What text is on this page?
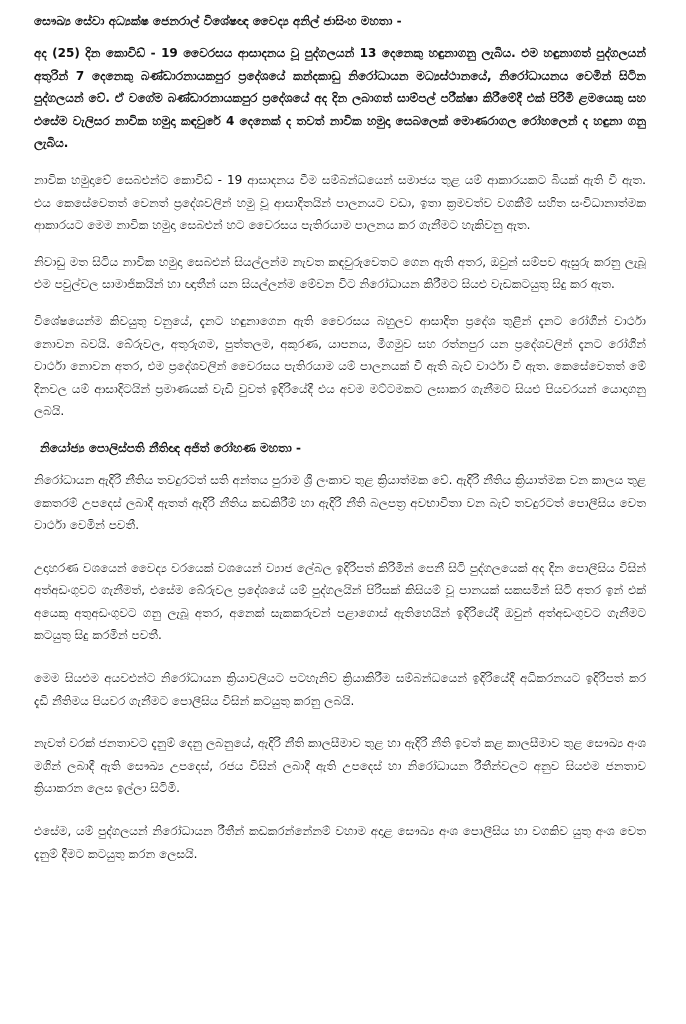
සෞඛ්‍ය සේවා අධ්‍යක්ෂ ජෙනරාල් විශේෂඥ වෛද්‍ය අනිල් ජාසිංහ මහතා -

අද (25) දින කොවිඩ් - 19 වෛරසය ආසාදනය වූ පුද්ගලයන් 13 දෙනෙකු හඳුනාගනු ලැබිය. එම හඳුනාගත් පුද්ගලයන් අතුරින් 7 දෙනෙකු බණ්ඩාරනායකපුර ප්‍රදේශයේ කන්දකාඩු නිරෝධායන මධ්‍යස්ථානයේ, නිරෝධායනය වෙමින් සිටින පුද්ගලයන් වේ. ඒ වගේම බණ්ඩාරනායකපුර ප්‍රදේශයේ අද දින ලබාගත් සාම්පල් පරීක්ෂා කිරීමේදී එක් පිරිමි ළමයෙකු සහ එසේම වැලිසර නාවික හමුදා කඳවුරේ 4 දෙනෙක් ද තවත් නාවික හමුදා සෙබලෙක් මොණරාගල රෝහලෙන් ද හඳුනා ගනු ලැබිය.

නාවික හමුදාවේ සෙබළුන්ට කොවිඩ් - 19 ආසාදනය වීම සම්බන්ධයෙන් සමාජය තුළ යම් ආකාරයකට බියක් ඇති වී ඇත. එය කෙසේවෙතත් වෙනත් ප්‍රදේශවලින් හමු වූ ආසාදිතයින් පාලනයට වඩා, ඉතා ක්‍රමවත්ව වගකීම් සහිත සංවිධානාත්මක ආකාරයට මෙම නාවික හමුදා සෙබළුන් හට වෛරසය පැතිරයාම පාලනය කර ගැනීමට හැකිවනු ඇත.

නිවාඩු මත සිටිය නාවික හමුදා සෙබළුන් සියල්ලන්ම නැවත කඳවුරුවෙතට ගෙන ඇති අතර, ඔවුන් සම්පව ඇසුරු කරනු ලැබූ එම පවුල්වල සාමාජිකයින් හා ඥාතීන් යන සියල්ලන්ම මේවන විට නිරෝධායන කිරීමට සියළු වැඩකටයුතු සිදු කර ඇත.

විශේෂයෙන්ම කිවයුතු වනුයේ, දැනට හඳුනාගෙන ඇති වෛරසය බහුලව ආසාදිත ප්‍රදේශ තුළින් දැනට රෝගීන් වාර්ථා නොවන බවයි. බේරුවල, අතුරුගම, පුත්තලම, අකුරණ, යාපනය, මීගමුව සහ රත්නපුර යන ප්‍රදේශවලින් දැනට රෝගීන් වාර්ථා නොවන අතර, එම ප්‍රදේශවලින් වෛරසය පැතිරයාම යම් පාලනයක් වී ඇති බැව් වාර්ථා වී ඇත. කෙසේවෙතත් මේ දිනවල යම් ආසාදිටයින් ප්‍රමාණයක් වැඩි වුවත් ඉදිරියේදී එය අවම මට්ටමකට ලඝාකර ගැනීමට සියළු පියවරයන් යොදාගනු ලබයි.

නියෝජ්‍ය පොලිස්පති නීතිඥ අජිත් රෝහණ මහතා -

නිරෝධායන ඇදිරි නීතිය තවදුරටත් සති අන්තය පුරාම ශ්‍රී ලංකාව තුළ ක්‍රියාත්මක වේ. ඇදිරි නීතිය ක්‍රියාත්මක වන කාලය තුළ කෙතරම් උපදෙස් ලබාදී ඇතත් ඇදිරි නීතිය කඩකිරීම් හා ඇදිරි නීති බලපත්‍ර අවභාවිතා වන බැව් තවදුරටත් පොලීසිය වෙත වාර්ථා වෙමින් පවතී.

උදාහරණ වශයෙන් වෛද්‍ය වරයෙක් වශයෙන් ව්‍යාජ ලේබල ඉදිරිපත් කිරිමින් පෙනී සිටි පුද්ගලයෙක් අද දින පොලීසිය විසින් අත්අඩංගුවට ගැනීමත්, එසේම බේරුවල ප්‍රදේශයේ යම් පුද්ගලයින් පිරිසක් කිසියම් වූ පානයක් සකසමින් සිටි අතර ඉන් එක් අයෙකු අතුඅඩංගුවට ගනු ලැබූ අතර, අනෙක් සැකකරුවන් පළාගොස් ඇතිහෙයින් ඉදිරියේදී ඔවුන් අත්අඩංගුවට ගැනීමට කටයුතු සිදු කරමින් පවතී.

මෙම සියළුම අයවළුන්ට නිරෝධායන ක්‍රියාවලියට පටහැනිව ක්‍රියාකිරීම සම්බන්ධයෙන් ඉදිරියේදී අධිකරනයට ඉදිරිපත් කර දැඩි නීතිමය පියවර ගැනීමට පොලීසිය විසින් කටයුතු කරනු ලබයි.

නැවත් වරක් ජනතාවට දැනුම් දෙනු ලබනුයේ, ඇදිරි නීති කාලසීමාව තුළ හා ඇදිරි නීති ඉවත් කළ කාලසීමාව තුළ සෞඛ්‍ය අංශ මගින් ලබාදී ඇති සෞඛ්‍ය උපදෙස්, රජය විසින් ලබාදී ඇති උපදෙස් හා නිරෝධායන රීතීන්වලට අනුව සියළුම ජනතාව ක්‍රියාකරන ලෙස ඉල්ලා සිටිමි.

එසේම, යම් පුද්ගලයන් නිරෝධායන රීතීන් කඩකරන්නේනම් වහාම අදාළ සෞඛ්‍ය අංශ පොලීසිය හා වගකිව යුතු අංශ වෙත දැනුම් දීමට කටයුතු කරන ලෙසයි.
